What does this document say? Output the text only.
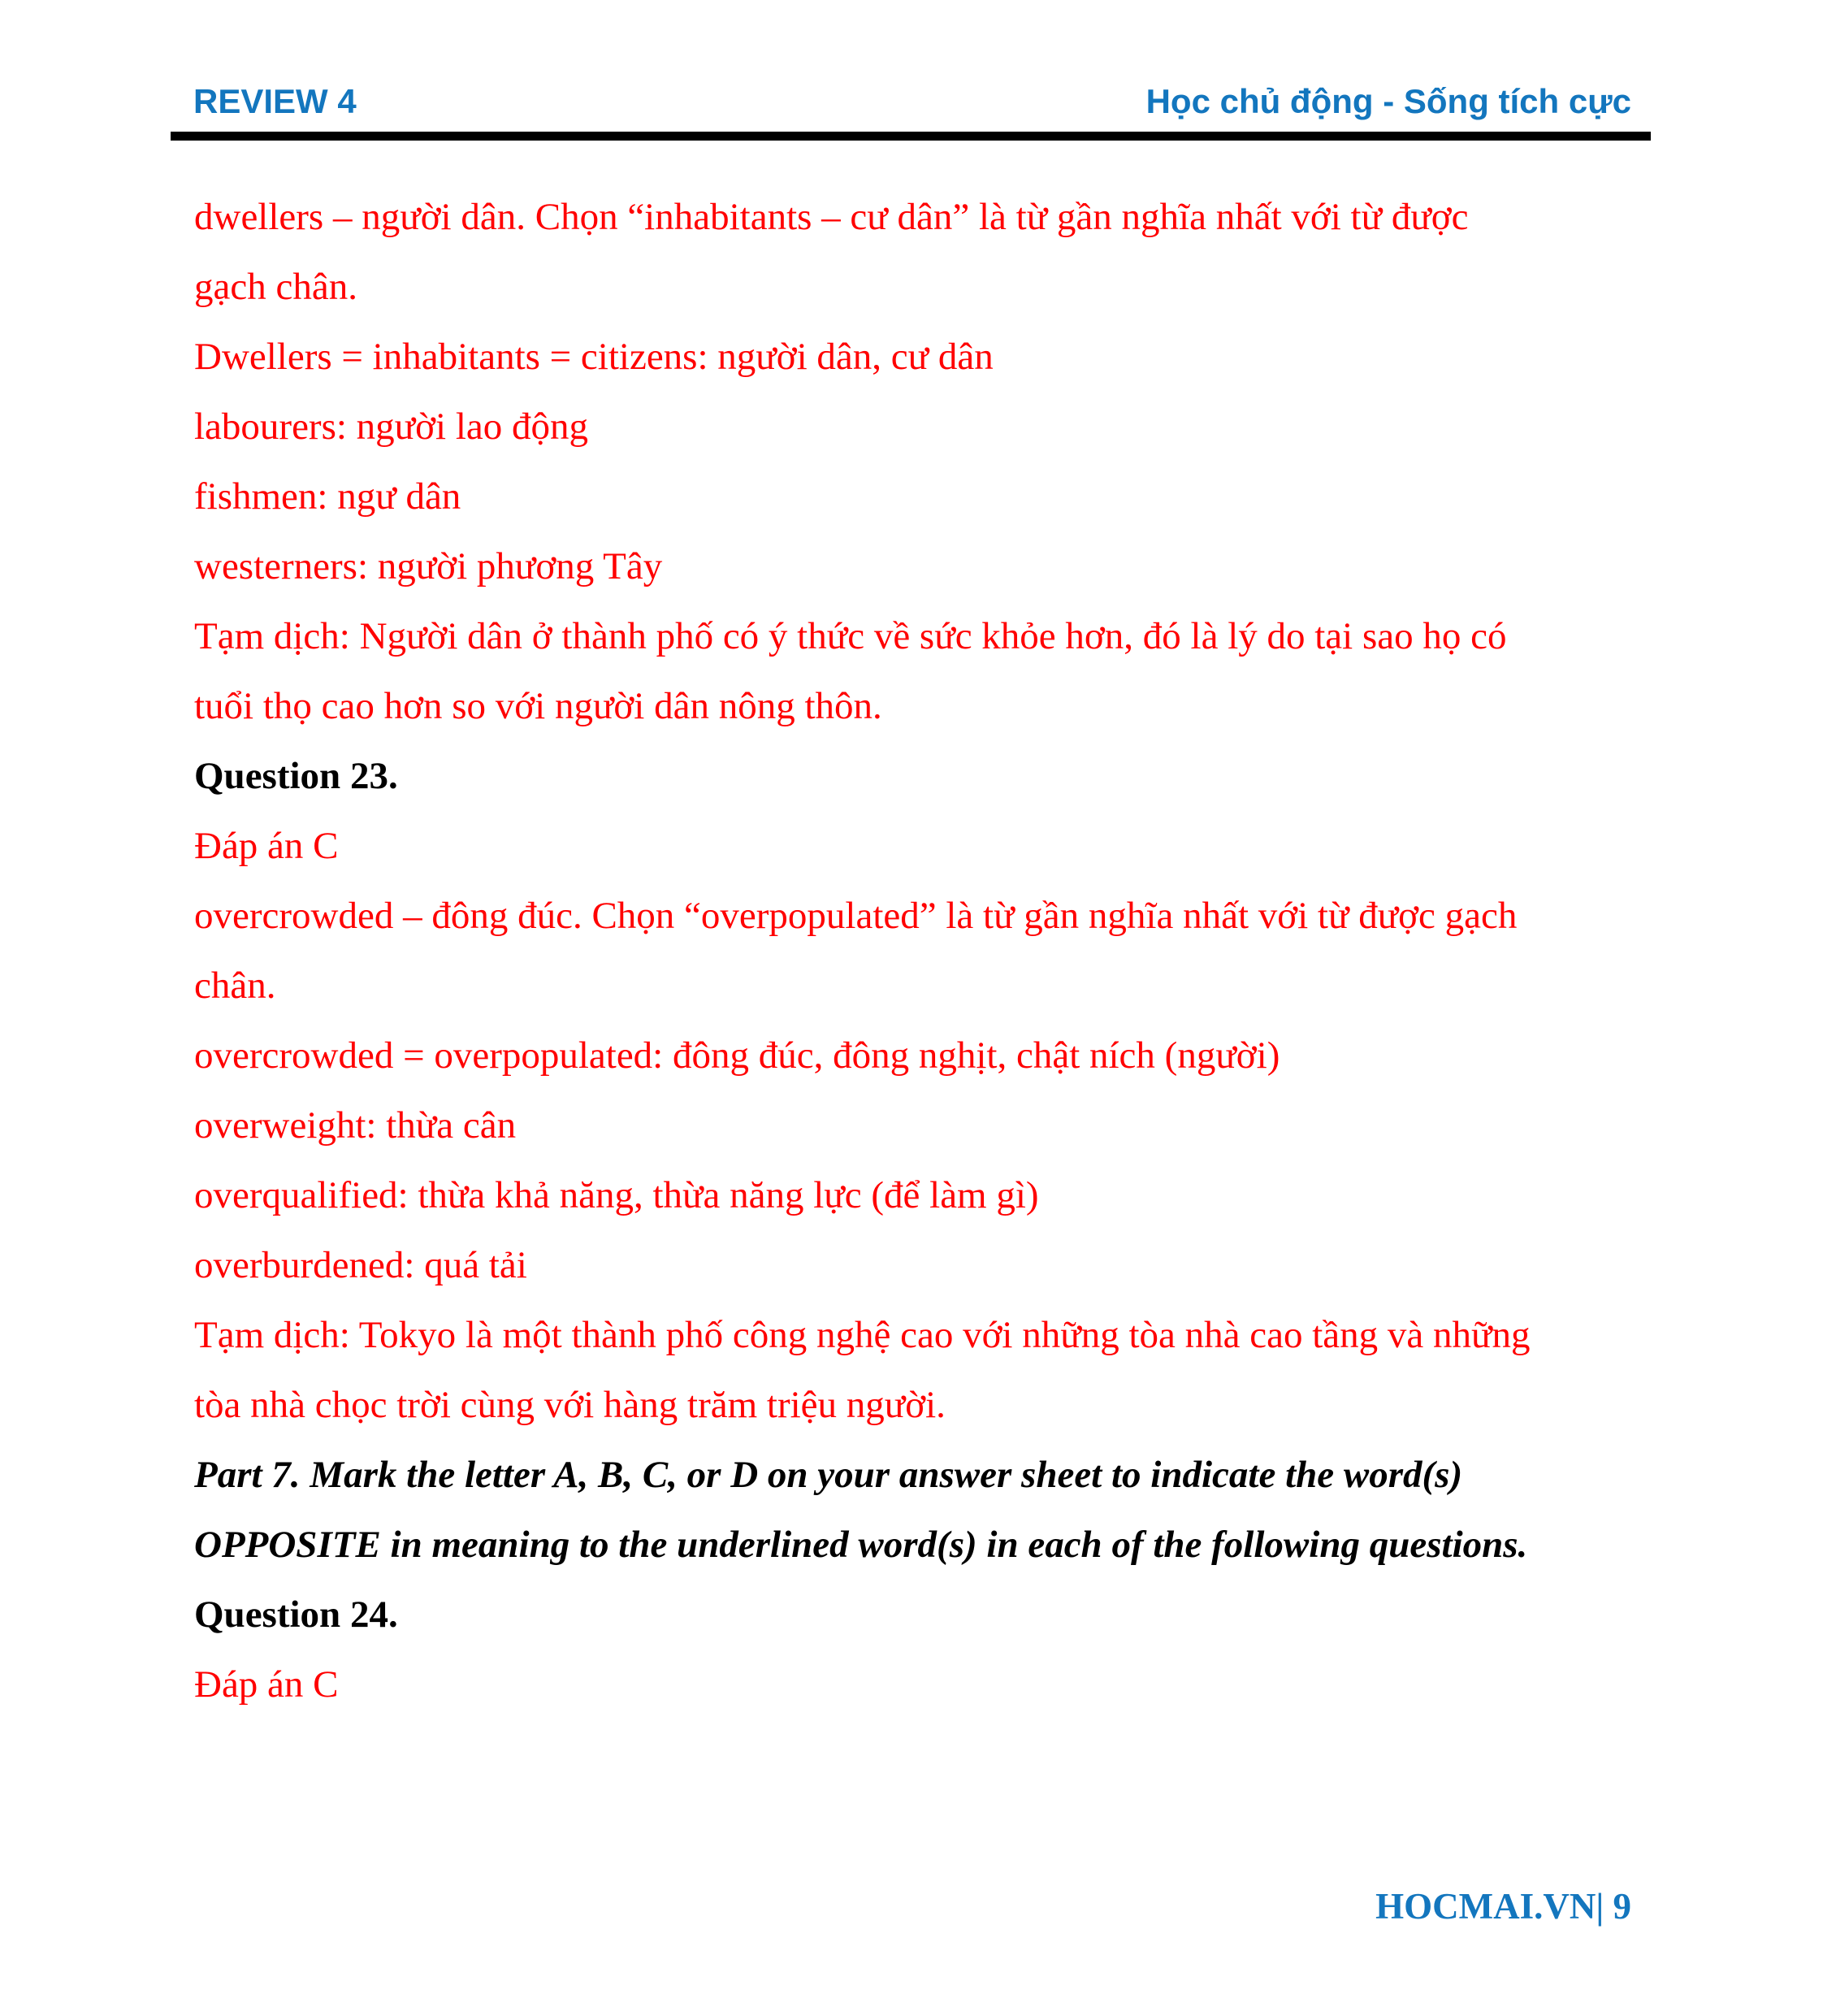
REVIEW 4	Học chủ động - Sống tích cực
dwellers – người dân. Chọn “inhabitants – cư dân” là từ gần nghĩa nhất với từ được
gạch chân.
Dwellers = inhabitants = citizens: người dân, cư dân
labourers: người lao động
fishmen: ngư dân
westerners: người phương Tây
Tạm dịch: Người dân ở thành phố có ý thức về sức khỏe hơn, đó là lý do tại sao họ có
tuổi thọ cao hơn so với người dân nông thôn.
Question 23.
Đáp án C
overcrowded – đông đúc. Chọn “overpopulated” là từ gần nghĩa nhất với từ được gạch
chân.
overcrowded = overpopulated: đông đúc, đông nghịt, chật ních (người)
overweight: thừa cân
overqualified: thừa khả năng, thừa năng lực (để làm gì)
overburdened: quá tải
Tạm dịch: Tokyo là một thành phố công nghệ cao với những tòa nhà cao tầng và những
tòa nhà chọc trời cùng với hàng trăm triệu người.
Part 7. Mark the letter A, B, C, or D on your answer sheet to indicate the word(s)
OPPOSITE in meaning to the underlined word(s) in each of the following questions.
Question 24.
Đáp án C
HOCMAI.VN| 9
